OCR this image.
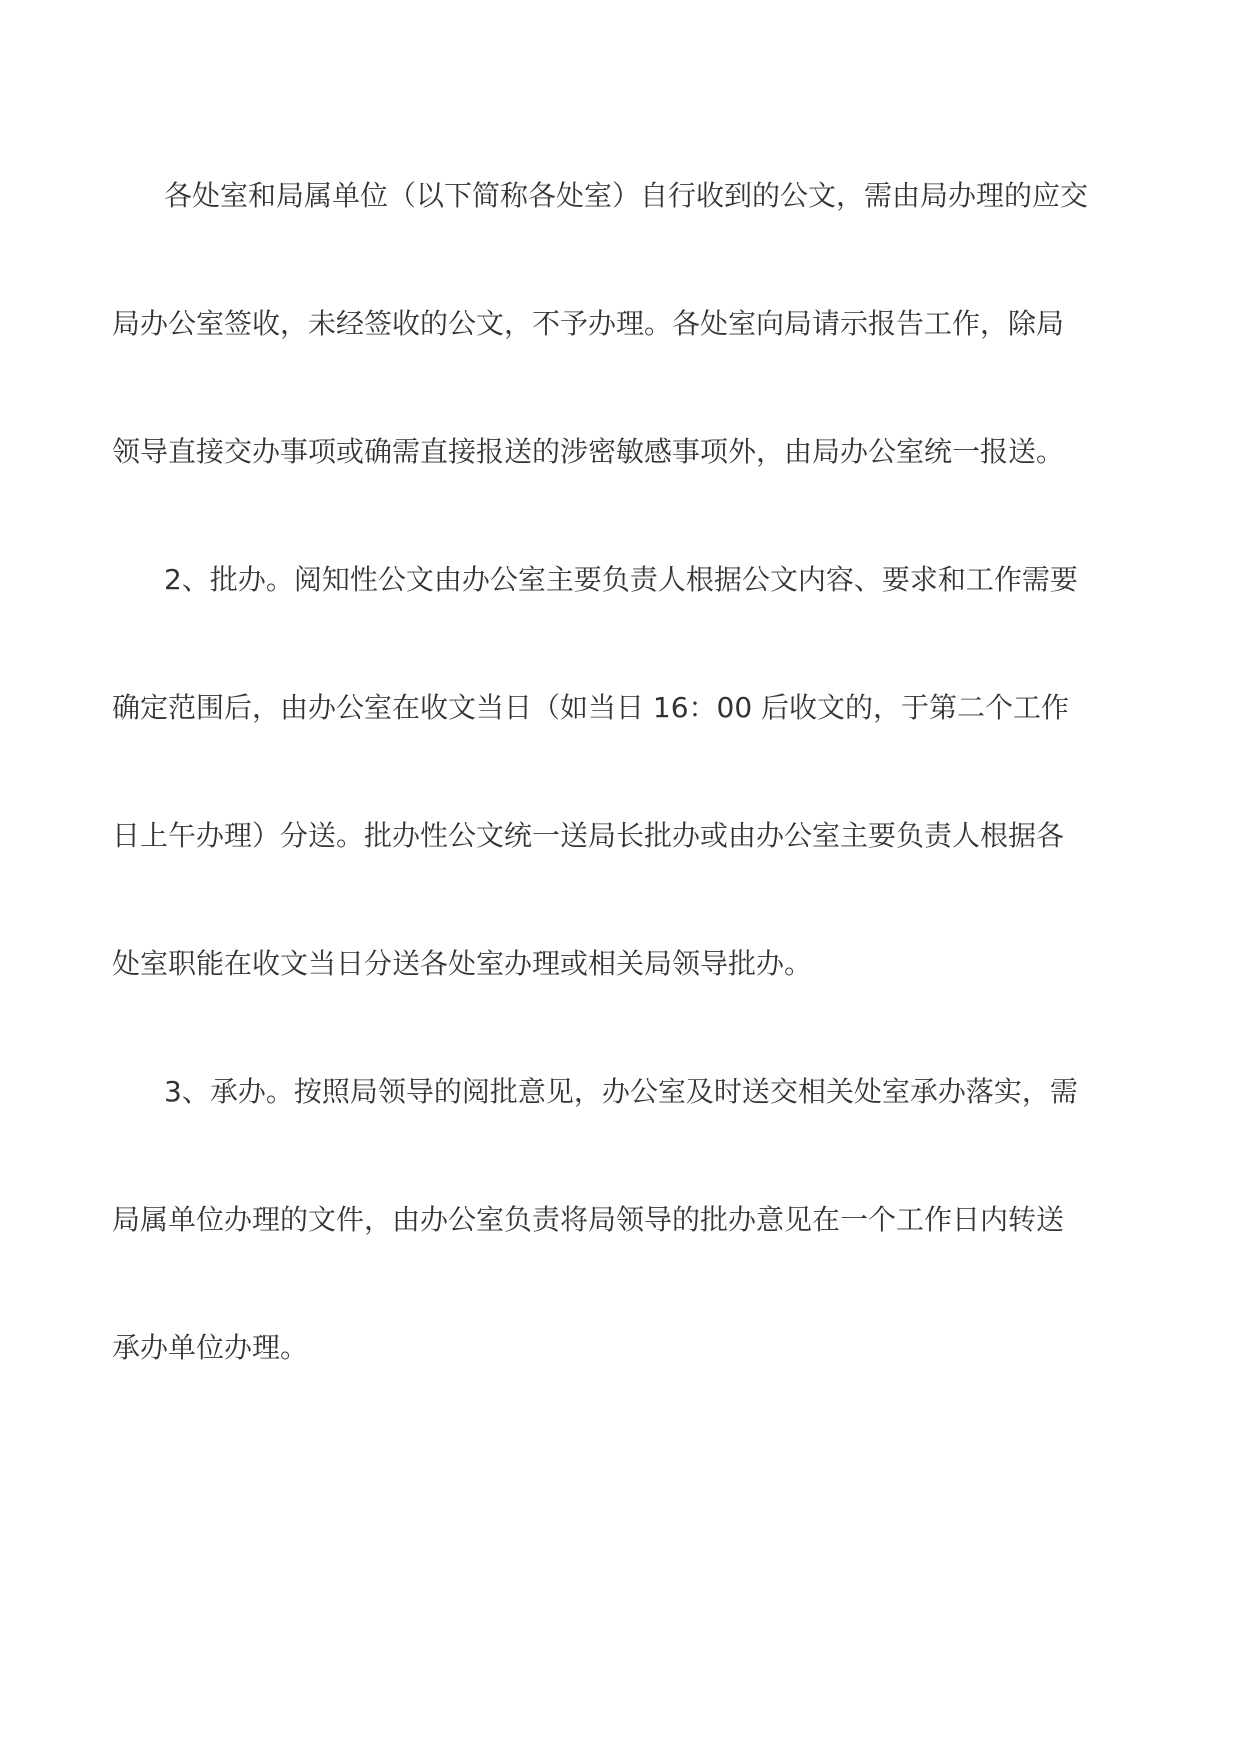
各处室和局属单位（以下简称各处室）自行收到的公文，需由局办理的应交
局办公室签收，未经签收的公文，不予办理。各处室向局请示报告工作，除局
领导直接交办事项或确需直接报送的涉密敏感事项外，由局办公室统一报送。
2、批办。阅知性公文由办公室主要负责人根据公文内容、要求和工作需要
确定范围后，由办公室在收文当日（如当日 16：00 后收文的，于第二个工作
日上午办理）分送。批办性公文统一送局长批办或由办公室主要负责人根据各
处室职能在收文当日分送各处室办理或相关局领导批办。
3、承办。按照局领导的阅批意见，办公室及时送交相关处室承办落实，需
局属单位办理的文件，由办公室负责将局领导的批办意见在一个工作日内转送
承办单位办理。
